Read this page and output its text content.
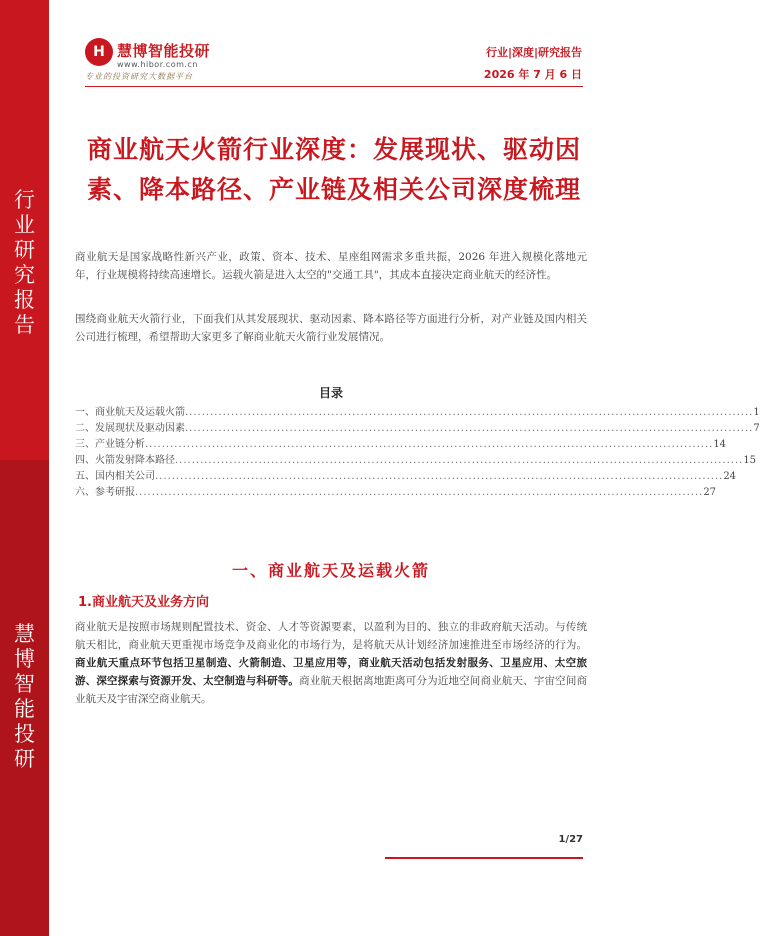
行
业
研
究
报
告
慧
博
智
能
投
研
H 慧博智能投研
www.hibor.com.cn
专业的投资研究大数据平台
行业|深度|研究报告
2026 年 7 月 6 日
商业航天火箭行业深度：发展现状、驱动因
素、降本路径、产业链及相关公司深度梳理
商业航天是国家战略性新兴产业，政策、资本、技术、星座组网需求多重共振，2026 年进入规模化落地元年，行业规模将持续高速增长。运载火箭是进入太空的"交通工具"，其成本直接决定商业航天的经济性。
围绕商业航天火箭行业，下面我们从其发展现状、驱动因素、降本路径等方面进行分析，对产业链及国内相关公司进行梳理，希望帮助大家更多了解商业航天火箭行业发展情况。
目录
一、商业航天及运载火箭 ........................................................................................................................................ 1
二、发展现状及驱动因素 ........................................................................................................................................ 7
三、产业链分析 ........................................................................................................................................ 14
四、火箭发射降本路径 ........................................................................................................................................ 15
五、国内相关公司 ........................................................................................................................................ 24
六、参考研报 ........................................................................................................................................ 27
一、商业航天及运载火箭
1.商业航天及业务方向
商业航天是按照市场规则配置技术、资金、人才等资源要素，以盈利为目的、独立的非政府航天活动。与传统航天相比，商业航天更重视市场竞争及商业化的市场行为，是将航天从计划经济加速推进至市场经济的行为。商业航天重点环节包括卫星制造、火箭制造、卫星应用等，商业航天活动包括发射服务、卫星应用、太空旅游、深空探索与资源开发、太空制造与科研等。商业航天根据离地距离可分为近地空间商业航天、宇宙空间商业航天及宇宙深空商业航天。
1/27
